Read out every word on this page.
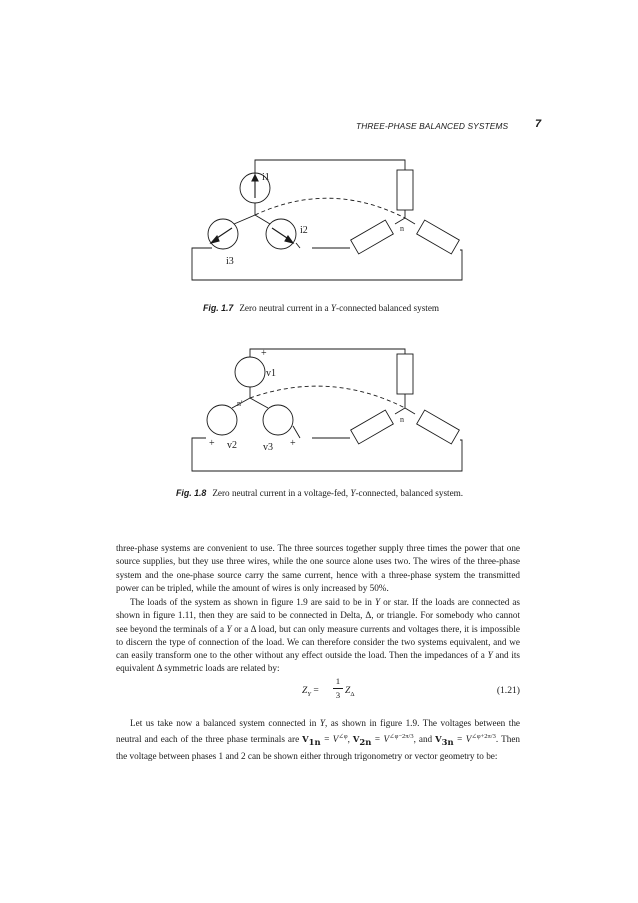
THREE-PHASE BALANCED SYSTEMS	7
i1
i2
i3
n
Fig. 1.7 Zero neutral current in a Y-connected balanced system
+
v1
n'
+ v2	v3 +
n
Fig. 1.8 Zero neutral current in a voltage-fed, Y-connected, balanced system.

three-phase systems are convenient to use. The three sources together supply three times the power that one source supplies, but they use three wires, while the one source alone uses two. The wires of the three-phase system and the one-phase source carry the same current, hence with a three-phase system the transmitted power can be tripled, while the amount of wires is only increased by 50%.

The loads of the system as shown in figure 1.9 are said to be in Y or star. If the loads are connected as shown in figure 1.11, then they are said to be connected in Delta, Δ, or triangle. For somebody who cannot see beyond the terminals of a Y or a Δ load, but can only measure currents and voltages there, it is impossible to discern the type of connection of the load. We can therefore consider the two systems equivalent, and we can easily transform one to the other without any effect outside the load. Then the impedances of a Y and its equivalent Δ symmetric loads are related by:

$Z_Y$ =
1
3 $Z_\Delta$	(1.21)

Let us take now a balanced system connected in Y, as shown in figure 1.9. The voltages between the neutral and each of the three phase terminals are $V_{1n} = V^{\angle\varphi}$, $V_{2n} = V^{\angle\varphi-2\pi/3}$, and $V_{3n} = V^{\angle\varphi+2\pi/3}$. Then the voltage between phases 1 and 2 can be shown either through trigonometry or vector geometry to be:
